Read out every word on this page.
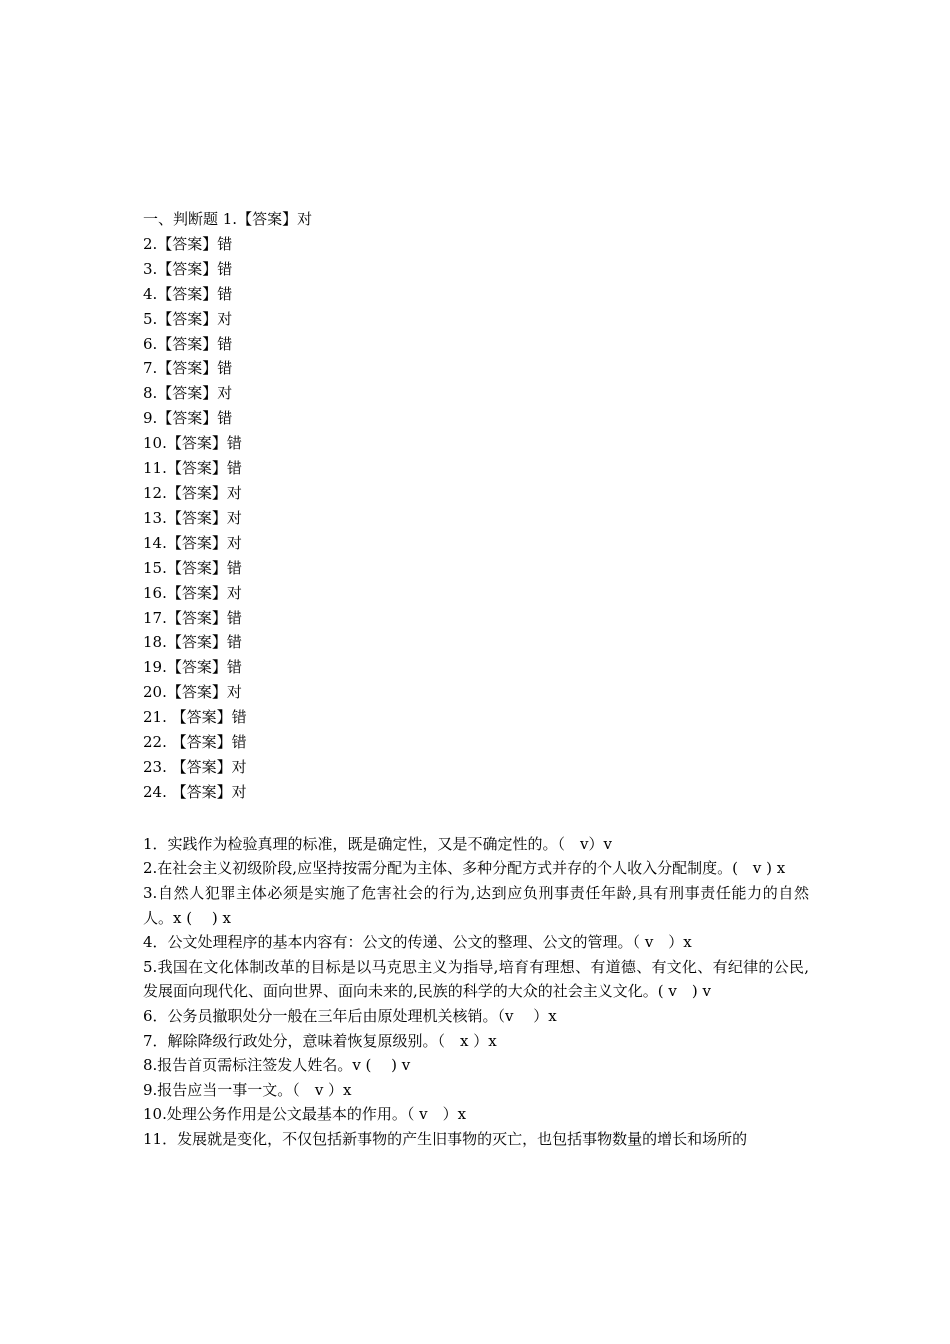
一、判断题 1.【答案】对
2.【答案】错
3.【答案】错
4.【答案】错
5.【答案】对
6.【答案】错
7.【答案】错
8.【答案】对
9.【答案】错
10.【答案】错
11.【答案】错
12.【答案】对
13.【答案】对
14.【答案】对
15.【答案】错
16.【答案】对
17.【答案】错
18.【答案】错
19.【答案】错
20.【答案】对
21. 【答案】错
22. 【答案】错
23. 【答案】对
24. 【答案】对
1．实践作为检验真理的标准，既是确定性，又是不确定性的。（　v）v
2.在社会主义初级阶段,应坚持按需分配为主体、多种分配方式并存的个人收入分配制度。(　v ) x
3.自然人犯罪主体必须是实施了危害社会的行为,达到应负刑事责任年龄,具有刑事责任能力的自然人。x (　 ) x
4．公文处理程序的基本内容有：公文的传递、公文的整理、公文的管理。（ v　）x
5.我国在文化体制改革的目标是以马克思主义为指导,培育有理想、有道德、有文化、有纪律的公民,发展面向现代化、面向世界、面向未来的,民族的科学的大众的社会主义文化。( v　) v
6．公务员撤职处分一般在三年后由原处理机关核销。（v　 ）x
7．解除降级行政处分，意味着恢复原级别。（　x ）x
8.报告首页需标注签发人姓名。v (　 ) v
9.报告应当一事一文。（　v ）x
10.处理公务作用是公文最基本的作用。（ v　）x
11．发展就是变化，不仅包括新事物的产生旧事物的灭亡，也包括事物数量的增长和场所的
